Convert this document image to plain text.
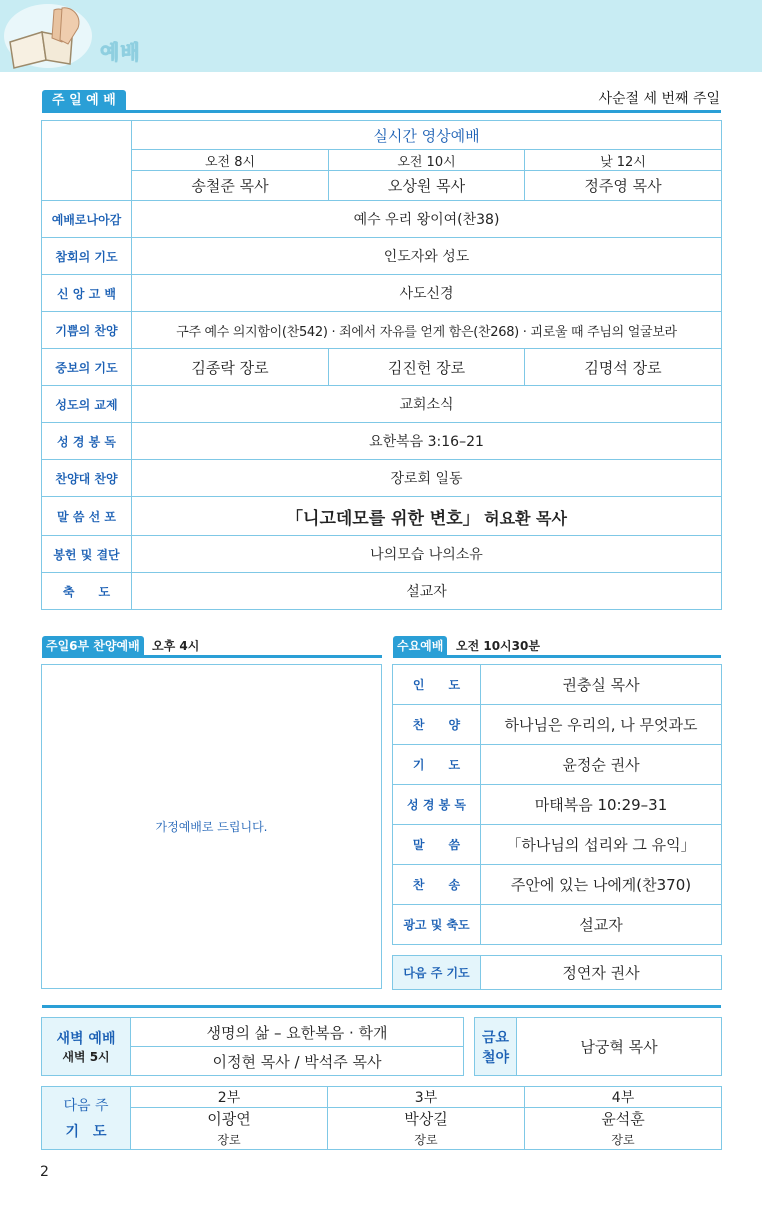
예배
주 일 예 배	사순절 세 번째 주일
	실시간 영상예배		
	오전 8시	오전 10시	낮 12시
	송철준 목사	오상원 목사	정주영 목사
예배로나아감	예수 우리 왕이여(찬38)		
참회의 기도	인도자와 성도		
신 앙 고 백	사도신경		
기쁨의 찬양	구주 예수 의지함이(찬542) · 죄에서 자유를 얻게 함은(찬268) · 괴로울 때 주님의 얼굴보라		
중보의 기도	김종락 장로	김진헌 장로	김명석 장로
성도의 교제	교회소식		
성 경 봉 독	요한복음 3:16–21		
찬양대 찬양	장로회 일동		
말 씀 선 포	「니고데모를 위한 변호」 허요환 목사		
봉헌 및 결단	나의모습 나의소유		
축　　도	설교자		
주일6부 찬양예배	오후 4시
가정예배로 드립니다.
수요예배	오전 10시30분
인　　도	권충실 목사
찬　　양	하나님은 우리의, 나 무엇과도
기　　도	윤정순 권사
성 경 봉 독	마태복음 10:29–31
말　　씀	「하나님의 섭리와 그 유익」
찬　　송	주안에 있는 나에게(찬370)
광고 및 축도	설교자
다음 주 기도	정연자 권사
새벽 예배
새벽 5시
	생명의 삶 – 요한복음 · 학개
이정현 목사 / 박석주 목사
금요
철야
	남궁혁 목사
다음 주
기　도	2부	3부	4부
	이광연	박상길	윤석훈
	장로	장로	장로
2
